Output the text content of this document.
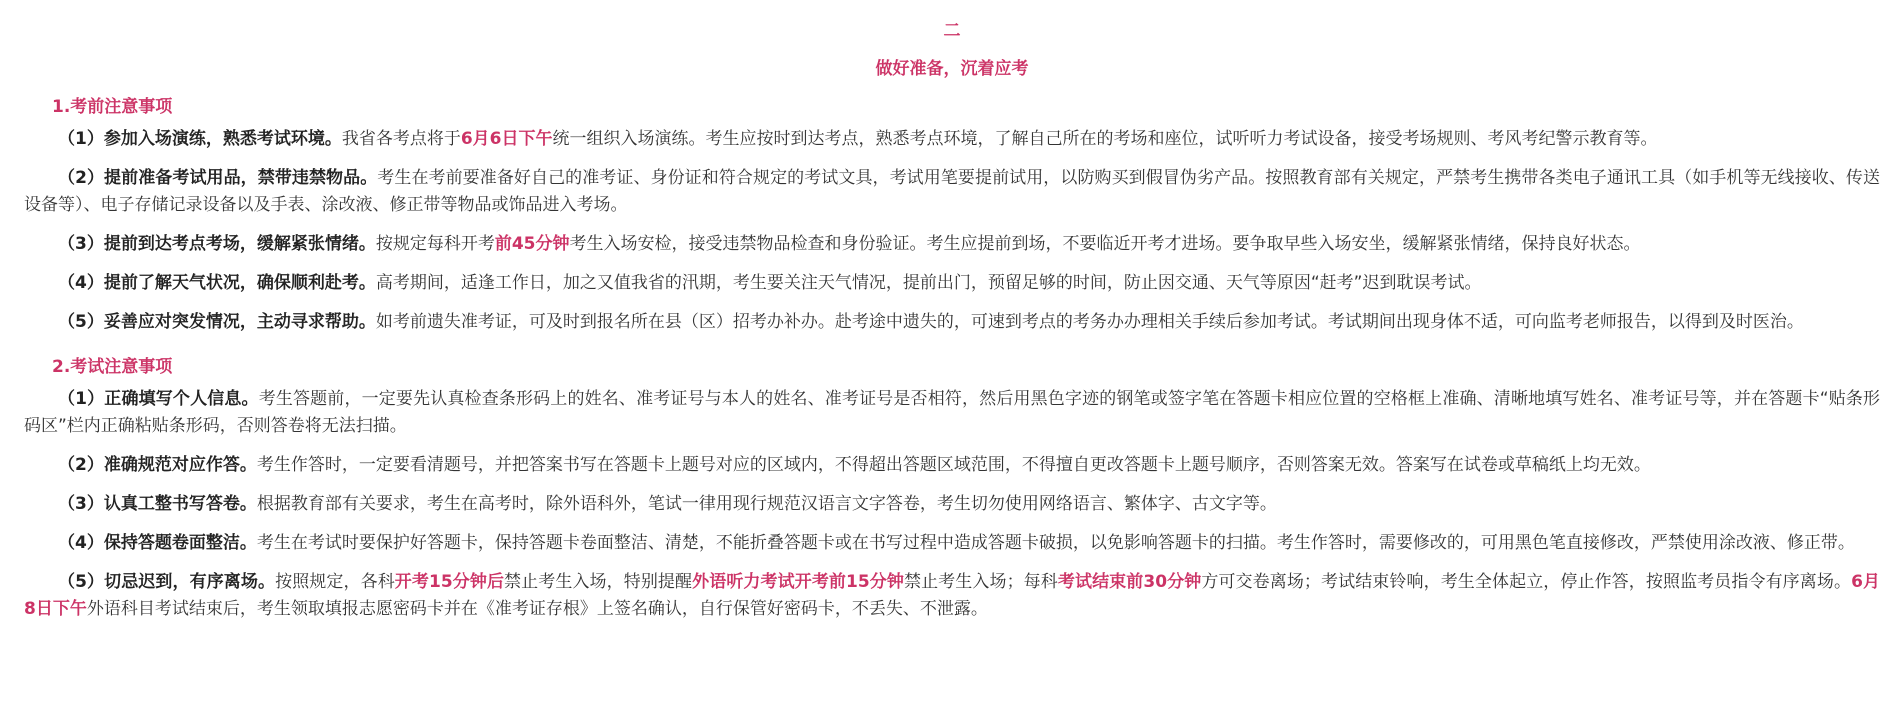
二

做好准备，沉着应考

1.考前注意事项

（1）参加入场演练，熟悉考试环境。我省各考点将于6月6日下午统一组织入场演练。考生应按时到达考点，熟悉考点环境，了解自己所在的考场和座位，试听听力考试设备，接受考场规则、考风考纪警示教育等。

（2）提前准备考试用品，禁带违禁物品。考生在考前要准备好自己的准考证、身份证和符合规定的考试文具，考试用笔要提前试用，以防购买到假冒伪劣产品。按照教育部有关规定，严禁考生携带各类电子通讯工具（如手机等无线接收、传送设备等）、电子存储记录设备以及手表、涂改液、修正带等物品或饰品进入考场。

（3）提前到达考点考场，缓解紧张情绪。按规定每科开考前45分钟考生入场安检，接受违禁物品检查和身份验证。考生应提前到场，不要临近开考才进场。要争取早些入场安坐，缓解紧张情绪，保持良好状态。

（4）提前了解天气状况，确保顺利赴考。高考期间，适逢工作日，加之又值我省的汛期，考生要关注天气情况，提前出门，预留足够的时间，防止因交通、天气等原因“赶考”迟到耽误考试。

（5）妥善应对突发情况，主动寻求帮助。如考前遗失准考证，可及时到报名所在县（区）招考办补办。赴考途中遗失的，可速到考点的考务办办理相关手续后参加考试。考试期间出现身体不适，可向监考老师报告，以得到及时医治。

2.考试注意事项

（1）正确填写个人信息。考生答题前，一定要先认真检查条形码上的姓名、准考证号与本人的姓名、准考证号是否相符，然后用黑色字迹的钢笔或签字笔在答题卡相应位置的空格框上准确、清晰地填写姓名、准考证号等，并在答题卡“贴条形码区”栏内正确粘贴条形码，否则答卷将无法扫描。

（2）准确规范对应作答。考生作答时，一定要看清题号，并把答案书写在答题卡上题号对应的区域内，不得超出答题区域范围，不得擅自更改答题卡上题号顺序，否则答案无效。答案写在试卷或草稿纸上均无效。

（3）认真工整书写答卷。根据教育部有关要求，考生在高考时，除外语科外，笔试一律用现行规范汉语言文字答卷，考生切勿使用网络语言、繁体字、古文字等。

（4）保持答题卷面整洁。考生在考试时要保护好答题卡，保持答题卡卷面整洁、清楚，不能折叠答题卡或在书写过程中造成答题卡破损，以免影响答题卡的扫描。考生作答时，需要修改的，可用黑色笔直接修改，严禁使用涂改液、修正带。

（5）切忌迟到，有序离场。按照规定，各科开考15分钟后禁止考生入场，特别提醒外语听力考试开考前15分钟禁止考生入场；每科考试结束前30分钟方可交卷离场；考试结束铃响，考生全体起立，停止作答，按照监考员指令有序离场。6月8日下午外语科目考试结束后，考生领取填报志愿密码卡并在《准考证存根》上签名确认，自行保管好密码卡，不丢失、不泄露。
